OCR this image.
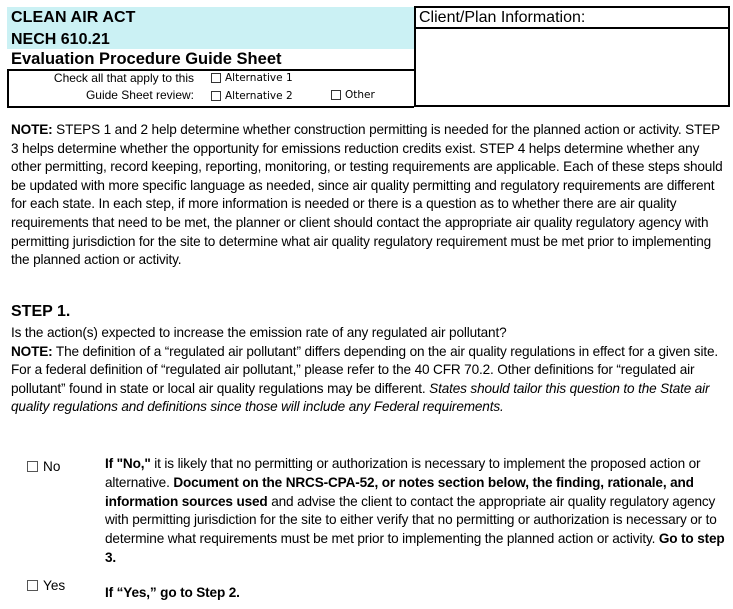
CLEAN AIR ACT
NECH 610.21
Evaluation Procedure Guide Sheet
Check all that apply to this
Guide Sheet review:
Alternative 1
Alternative 2	Other
Client/Plan Information:
NOTE: STEPS 1 and 2 help determine whether construction permitting is needed for the planned action or activity. STEP 3 helps determine whether the opportunity for emissions reduction credits exist. STEP 4 helps determine whether any other permitting, record keeping, reporting, monitoring, or testing requirements are applicable. Each of these steps should be updated with more specific language as needed, since air quality permitting and regulatory requirements are different for each state. In each step, if more information is needed or there is a question as to whether there are air quality requirements that need to be met, the planner or client should contact the appropriate air quality regulatory agency with permitting jurisdiction for the site to determine what air quality regulatory requirement must be met prior to implementing the planned action or activity.
STEP 1.
Is the action(s) expected to increase the emission rate of any regulated air pollutant?
NOTE: The definition of a “regulated air pollutant” differs depending on the air quality regulations in effect for a given site. For a federal definition of “regulated air pollutant,” please refer to the 40 CFR 70.2. Other definitions for “regulated air pollutant” found in state or local air quality regulations may be different. States should tailor this question to the State air quality regulations and definitions since those will include any Federal requirements.
No	If "No," it is likely that no permitting or authorization is necessary to implement the proposed action or alternative. Document on the NRCS-CPA-52, or notes section below, the finding, rationale, and information sources used and advise the client to contact the appropriate air quality regulatory agency with permitting jurisdiction for the site to either verify that no permitting or authorization is necessary or to determine what requirements must be met prior to implementing the planned action or activity. Go to step 3.
Yes	If “Yes,” go to Step 2.
